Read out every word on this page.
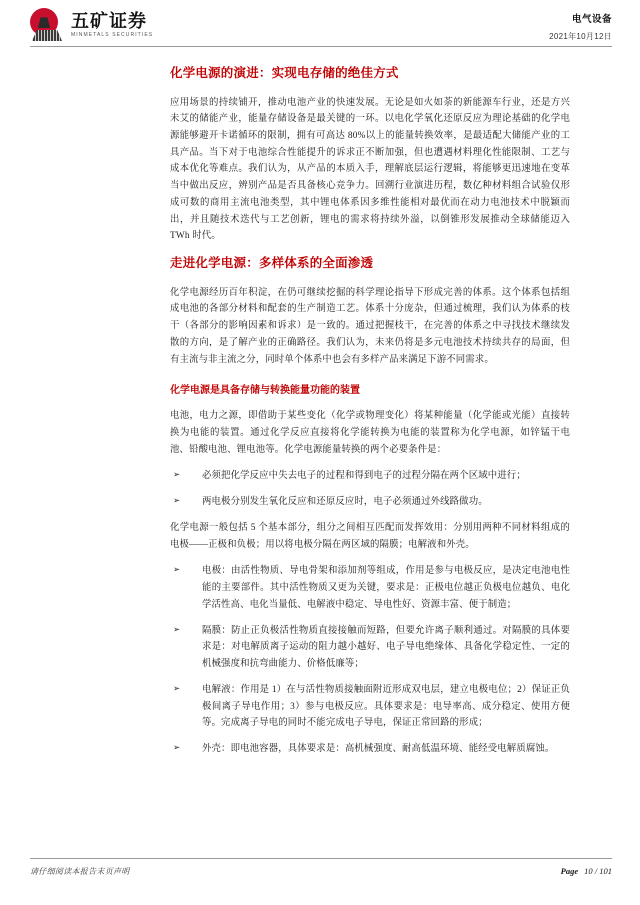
五矿证券
MINMETALS SECURITIES
电气设备
2021年10月12日
化学电源的演进：实现电存储的绝佳方式

应用场景的持续铺开，推动电池产业的快速发展。无论是如火如荼的新能源车行业，还是方兴未艾的储能产业，能量存储设备是最关键的一环。以电化学氧化还原反应为理论基础的化学电源能够避开卡诺循环的限制，拥有可高达 80%以上的能量转换效率，是最适配大储能产业的工具产品。当下对于电池综合性能提升的诉求正不断加强，但也遭遇材料理化性能限制、工艺与成本优化等难点。我们认为，从产品的本质入手，理解底层运行逻辑，将能够更迅速地在变革当中做出反应，辨别产品是否具备核心竞争力。回溯行业演进历程，数亿种材料组合试验仅形成可数的商用主流电池类型，其中锂电体系因多维性能相对最优而在动力电池技术中脱颖而出，并且随技术迭代与工艺创新，锂电的需求将持续外溢，以倒锥形发展推动全球储能迈入 TWh 时代。

走进化学电源：多样体系的全面渗透

化学电源经历百年积淀，在仍可继续挖掘的科学理论指导下形成完善的体系。这个体系包括组成电池的各部分材料和配套的生产制造工艺。体系十分庞杂，但通过梳理，我们认为体系的枝干（各部分的影响因素和诉求）是一致的。通过把握枝干，在完善的体系之中寻找技术继续发散的方向，是了解产业的正确路径。我们认为，未来仍将是多元电池技术持续共存的局面，但有主流与非主流之分，同时单个体系中也会有多样产品来满足下游不同需求。

化学电源是具备存储与转换能量功能的装置

电池，电力之源，即借助于某些变化（化学或物理变化）将某种能量（化学能或光能）直接转换为电能的装置。通过化学反应直接将化学能转换为电能的装置称为化学电源，如锌锰干电池、铅酸电池、锂电池等。化学电源能量转换的两个必要条件是：

➢ 必须把化学反应中失去电子的过程和得到电子的过程分隔在两个区域中进行；
➢ 两电极分别发生氧化反应和还原反应时，电子必须通过外线路做功。

化学电源一般包括 5 个基本部分，组分之间相互匹配而发挥效用：分别用两种不同材料组成的电极——正极和负极；用以将电极分隔在两区域的隔膜；电解液和外壳。

➢ 电极：由活性物质、导电骨架和添加剂等组成，作用是参与电极反应，是决定电池电性能的主要部件。其中活性物质又更为关键，要求是：正极电位越正负极电位越负、电化学活性高、电化当量低、电解液中稳定、导电性好、资源丰富、便于制造；
➢ 隔膜：防止正负极活性物质直接接触而短路，但要允许离子顺利通过。对隔膜的具体要求是：对电解质离子运动的阻力越小越好、电子导电绝缘体、具备化学稳定性、一定的机械强度和抗弯曲能力、价格低廉等；
➢ 电解液：作用是 1）在与活性物质接触面附近形成双电层，建立电极电位；2）保证正负极间离子导电作用；3）参与电极反应。具体要求是：电导率高、成分稳定、使用方便等。完成离子导电的同时不能完成电子导电，保证正常回路的形成；
➢ 外壳：即电池容器，具体要求是：高机械强度、耐高低温环境、能经受电解质腐蚀。
请仔细阅读本报告末页声明	Page 10 / 101
